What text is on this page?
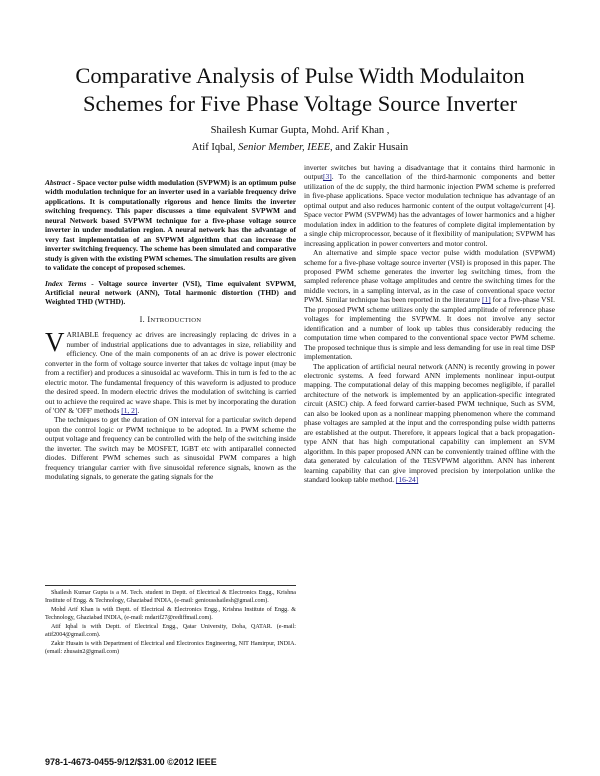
Comparative Analysis of Pulse Width Modulaiton Schemes for Five Phase Voltage Source Inverter
Shailesh Kumar Gupta, Mohd. Arif Khan ,
Atif Iqbal, Senior Member, IEEE, and Zakir Husain

Abstract - Space vector pulse width modulation (SVPWM) is an optimum pulse width modulation technique for an inverter used in a variable frequency drive applications. It is computationally rigorous and hence limits the inverter switching frequency. This paper discusses a time equivalent SVPWM and neural Network based SVPWM technique for a five-phase voltage source inverter in under modulation region. A neural network has the advantage of very fast implementation of an SVPWM algorithm that can increase the inverter switching frequency. The scheme has been simulated and comparative study is given with the existing PWM schemes. The simulation results are given to validate the concept of proposed schemes.

Index Terms - Voltage source inverter (VSI), Time equivalent SVPWM, Artificial neural network (ANN), Total harmonic distortion (THD) and Weighted THD (WTHD).

I. INTRODUCTION

VARIABLE frequency ac drives are increasingly replacing dc drives in a number of industrial applications due to advantages in size, reliability and efficiency. One of the main components of an ac drive is power electronic converter in the form of voltage source inverter that takes dc voltage input (may be from a rectifier) and produces a sinusoidal ac waveform. This in turn is fed to the ac electric motor. The fundamental frequency of this waveform is adjusted to produce the desired speed. In modern electric drives the modulation of switching is carried out to achieve the required ac wave shape. This is met by incorporating the duration of 'ON' & 'OFF' methods [1, 2].

The techniques to get the duration of ON interval for a particular switch depend upon the control logic or PWM technique to be adopted. In a PWM scheme the output voltage and frequency can be controlled with the help of the switching inside the inverter. The switch may be MOSFET, IGBT etc with antiparallel connected diodes. Different PWM schemes such as sinusoidal PWM compares a high frequency triangular carrier with five sinusoidal reference signals, known as the modulating signals, to generate the gating signals for the

inverter switches but having a disadvantage that it contains third harmonic in output[3]. To the cancellation of the third-harmonic components and better utilization of the dc supply, the third harmonic injection PWM scheme is preferred in five-phase applications. Space vector modulation technique has advantage of an optimal output and also reduces harmonic content of the output voltage/current [4]. Space vector PWM (SVPWM) has the advantages of lower harmonics and a higher modulation index in addition to the features of complete digital implementation by a single chip microprocessor, because of it flexibility of manipulation; SVPWM has increasing application in power converters and motor control.

An alternative and simple space vector pulse width modulation (SVPWM) scheme for a five-phase voltage source inverter (VSI) is proposed in this paper. The proposed PWM scheme generates the inverter leg switching times, from the sampled reference phase voltage amplitudes and centre the switching times for the middle vectors, in a sampling interval, as in the case of conventional space vector PWM. Similar technique has been reported in the literature [1] for a five-phase VSI. The proposed PWM scheme utilizes only the sampled amplitude of reference phase voltages for implementing the SVPWM. It does not involve any sector identification and a number of look up tables thus considerably reducing the computation time when compared to the conventional space vector PWM scheme. The proposed technique thus is simple and less demanding for use in real time DSP implementation.

The application of artificial neural network (ANN) is recently growing in power electronic systems. A feed forward ANN implements nonlinear input-output mapping. The computational delay of this mapping becomes negligible, if parallel architecture of the network is implemented by an application-specific integrated circuit (ASIC) chip. A feed forward carrier-based PWM technique, Such as SVM, can also be looked upon as a nonlinear mapping phenomenon where the command phase voltages are sampled at the input and the corresponding pulse width patterns are established at the output. Therefore, it appears logical that a back propagation-type ANN that has high computational capability can implement an SVM algorithm. In this paper proposed ANN can be conveniently trained offline with the data generated by calculation of the TESVPWM algorithm. ANN has inherent learning capability that can give improved precision by interpolation unlike the standard lookup table method. [16-24]

Shailesh Kumar Gupta is a M. Tech. student in Deptt. of Electrical & Electronics Engg., Krishna Institute of Engg. & Technology, Ghaziabad INDIA, (e-mail: geniousshailesh@gmail.com).

Mohd Arif Khan is with Deptt. of Electrical & Electronics Engg., Krishna Institute of Engg. & Technology, Ghaziabad INDIA, (e-mail: mdarif27@rediffmail.com).

Atif Iqbal is with Deptt. of Electrical Engg., Qatar University, Doha, QATAR. (e-mail: atif2004@gmail.com).

Zakir Husain is with Department of Electrical and Electronics Engineering, NIT Hamirpur, INDIA. (email: zhusain2@gmail.com)

978-1-4673-0455-9/12/$31.00 ©2012 IEEE
